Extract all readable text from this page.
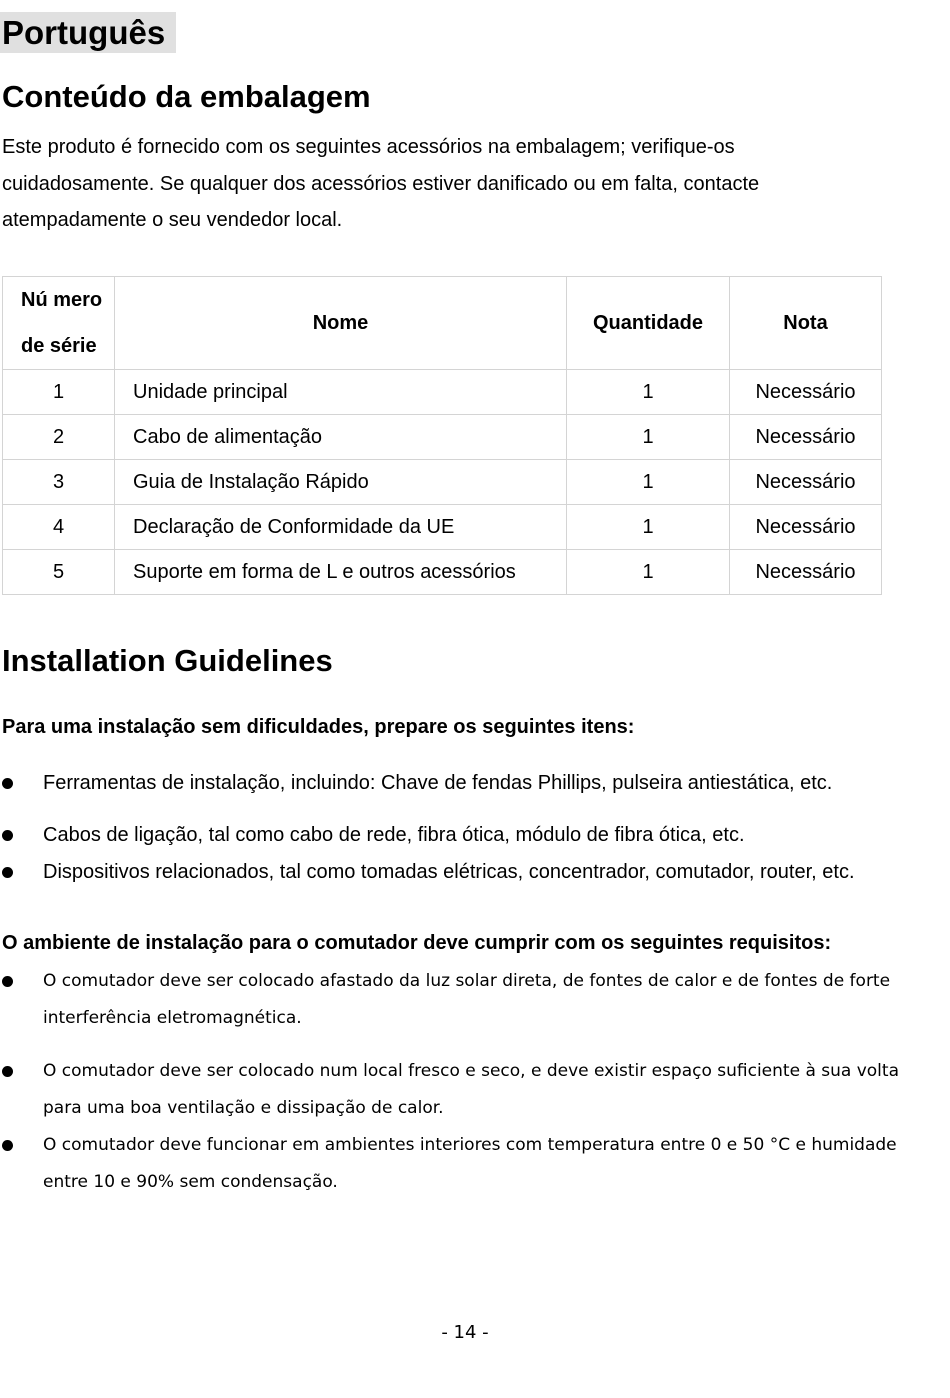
Português
Conteúdo da embalagem
Este produto é fornecido com os seguintes acessórios na embalagem; verifique-os cuidadosamente. Se qualquer dos acessórios estiver danificado ou em falta, contacte atempadamente o seu vendedor local.
Nú mero
de série	Nome	Quantidade	Nota
1	Unidade principal	1	Necessário
2	Cabo de alimentação	1	Necessário
3	Guia de Instalação Rápido	1	Necessário
4	Declaração de Conformidade da UE	1	Necessário
5	Suporte em forma de L e outros acessórios	1	Necessário
Installation Guidelines
Para uma instalação sem dificuldades, prepare os seguintes itens:
Ferramentas de instalação, incluindo: Chave de fendas Phillips, pulseira antiestática, etc.
Cabos de ligação, tal como cabo de rede, fibra ótica, módulo de fibra ótica, etc.
Dispositivos relacionados, tal como tomadas elétricas, concentrador, comutador, router, etc.
O ambiente de instalação para o comutador deve cumprir com os seguintes requisitos:
O comutador deve ser colocado afastado da luz solar direta, de fontes de calor e de fontes de forte interferência eletromagnética.
O comutador deve ser colocado num local fresco e seco, e deve existir espaço suficiente à sua volta para uma boa ventilação e dissipação de calor.
O comutador deve funcionar em ambientes interiores com temperatura entre 0 e 50 °C e humidade entre 10 e 90% sem condensação.
- 14 -
